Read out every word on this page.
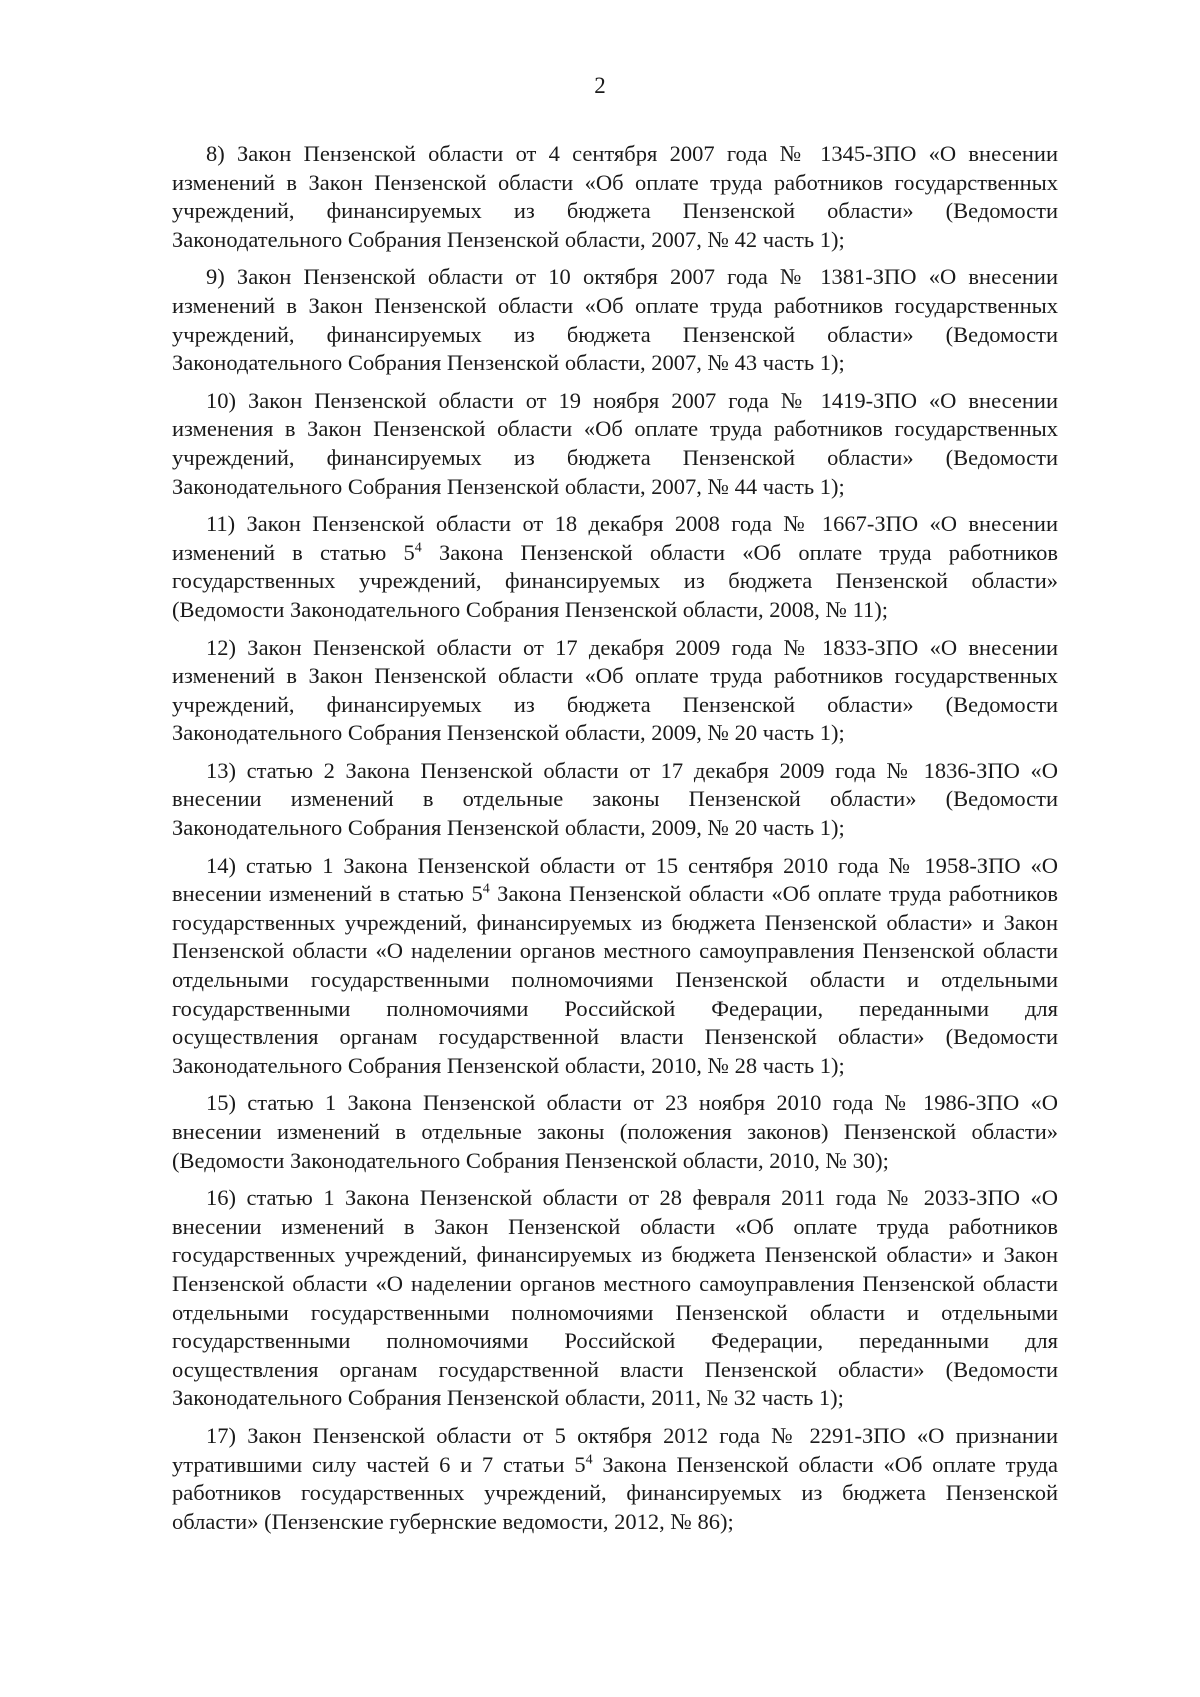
2

8) Закон Пензенской области от 4 сентября 2007 года № 1345-ЗПО «О внесении изменений в Закон Пензенской области «Об оплате труда работников государственных учреждений, финансируемых из бюджета Пензенской области» (Ведомости Законодательного Собрания Пензенской области, 2007, № 42 часть 1);

9) Закон Пензенской области от 10 октября 2007 года № 1381-ЗПО «О внесении изменений в Закон Пензенской области «Об оплате труда работников государственных учреждений, финансируемых из бюджета Пензенской области» (Ведомости Законодательного Собрания Пензенской области, 2007, № 43 часть 1);

10) Закон Пензенской области от 19 ноября 2007 года № 1419-ЗПО «О внесении изменения в Закон Пензенской области «Об оплате труда работников государственных учреждений, финансируемых из бюджета Пензенской области» (Ведомости Законодательного Собрания Пензенской области, 2007, № 44 часть 1);

11) Закон Пензенской области от 18 декабря 2008 года № 1667-ЗПО «О внесении изменений в статью $5^4$ Закона Пензенской области «Об оплате труда работников государственных учреждений, финансируемых из бюджета Пензенской области» (Ведомости Законодательного Собрания Пензенской области, 2008, № 11);

12) Закон Пензенской области от 17 декабря 2009 года № 1833-ЗПО «О внесении изменений в Закон Пензенской области «Об оплате труда работников государственных учреждений, финансируемых из бюджета Пензенской области» (Ведомости Законодательного Собрания Пензенской области, 2009, № 20 часть 1);

13) статью 2 Закона Пензенской области от 17 декабря 2009 года № 1836-ЗПО «О внесении изменений в отдельные законы Пензенской области» (Ведомости Законодательного Собрания Пензенской области, 2009, № 20 часть 1);

14) статью 1 Закона Пензенской области от 15 сентября 2010 года № 1958-ЗПО «О внесении изменений в статью $5^4$ Закона Пензенской области «Об оплате труда работников государственных учреждений, финансируемых из бюджета Пензенской области» и Закон Пензенской области «О наделении органов местного самоуправления Пензенской области отдельными государственными полномочиями Пензенской области и отдельными государственными полномочиями Российской Федерации, переданными для осуществления органам государственной власти Пензенской области» (Ведомости Законодательного Собрания Пензенской области, 2010, № 28 часть 1);

15) статью 1 Закона Пензенской области от 23 ноября 2010 года № 1986-ЗПО «О внесении изменений в отдельные законы (положения законов) Пензенской области» (Ведомости Законодательного Собрания Пензенской области, 2010, № 30);

16) статью 1 Закона Пензенской области от 28 февраля 2011 года № 2033-ЗПО «О внесении изменений в Закон Пензенской области «Об оплате труда работников государственных учреждений, финансируемых из бюджета Пензенской области» и Закон Пензенской области «О наделении органов местного самоуправления Пензенской области отдельными государственными полномочиями Пензенской области и отдельными государственными полномочиями Российской Федерации, переданными для осуществления органам государственной власти Пензенской области» (Ведомости Законодательного Собрания Пензенской области, 2011, № 32 часть 1);

17) Закон Пензенской области от 5 октября 2012 года № 2291-ЗПО «О признании утратившими силу частей 6 и 7 статьи $5^4$ Закона Пензенской области «Об оплате труда работников государственных учреждений, финансируемых из бюджета Пензенской области» (Пензенские губернские ведомости, 2012, № 86);
